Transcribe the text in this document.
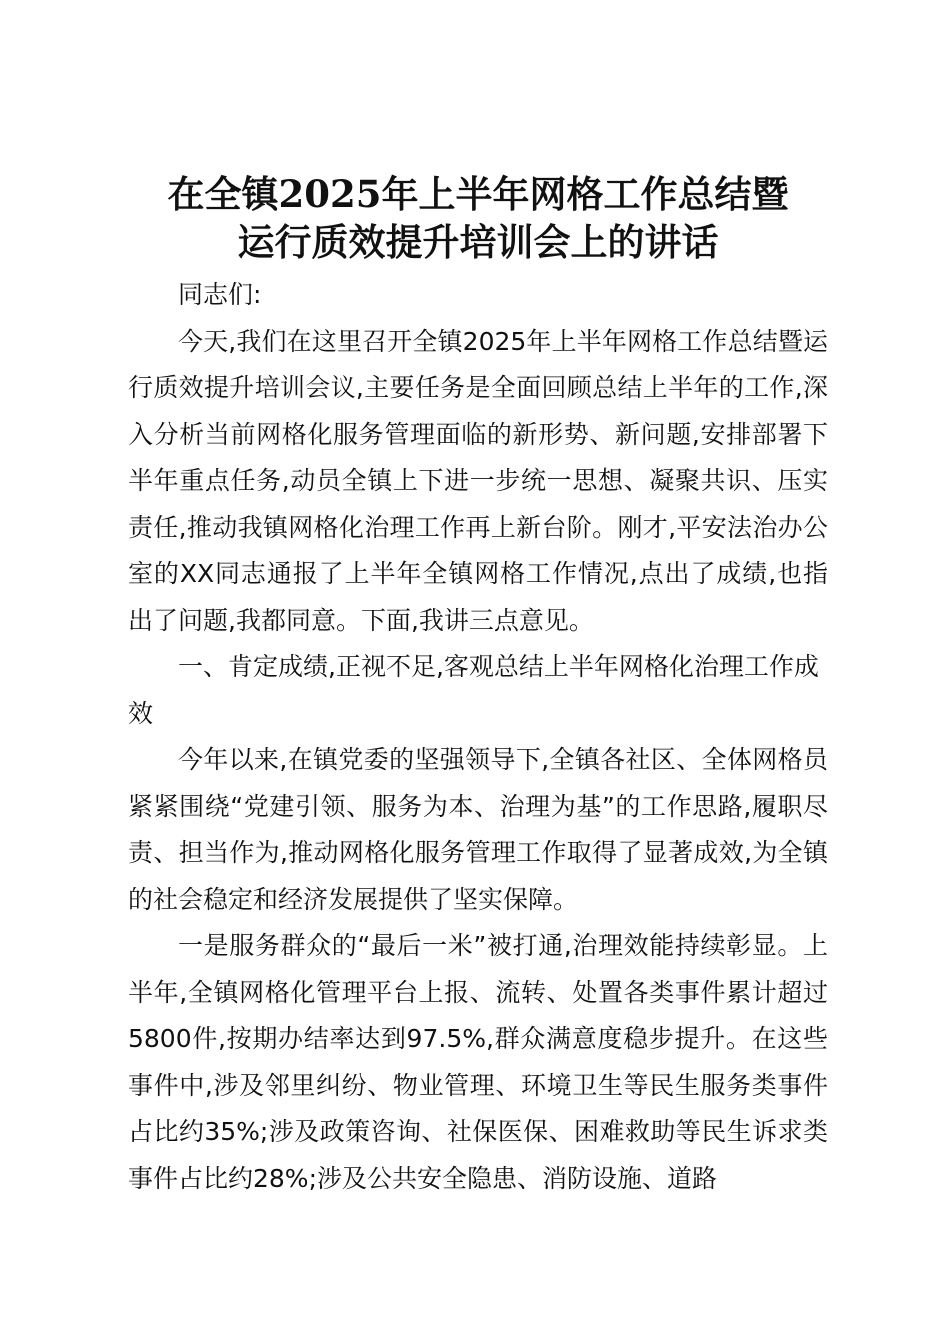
在全镇2025年上半年网格工作总结暨
运行质效提升培训会上的讲话

同志们:

今天,我们在这里召开全镇2025年上半年网格工作总结暨运行质效提升培训会议,主要任务是全面回顾总结上半年的工作,深入分析当前网格化服务管理面临的新形势、新问题,安排部署下半年重点任务,动员全镇上下进一步统一思想、凝聚共识、压实责任,推动我镇网格化治理工作再上新台阶。刚才,平安法治办公室的XX同志通报了上半年全镇网格工作情况,点出了成绩,也指出了问题,我都同意。下面,我讲三点意见。

一、肯定成绩,正视不足,客观总结上半年网格化治理工作成效

今年以来,在镇党委的坚强领导下,全镇各社区、全体网格员紧紧围绕“党建引领、服务为本、治理为基”的工作思路,履职尽责、担当作为,推动网格化服务管理工作取得了显著成效,为全镇的社会稳定和经济发展提供了坚实保障。

一是服务群众的“最后一米”被打通,治理效能持续彰显。上半年,全镇网格化管理平台上报、流转、处置各类事件累计超过5800件,按期办结率达到97.5%,群众满意度稳步提升。在这些事件中,涉及邻里纠纷、物业管理、环境卫生等民生服务类事件占比约35%;涉及政策咨询、社保医保、困难救助等民生诉求类事件占比约28%;涉及公共安全隐患、消防设施、道路
